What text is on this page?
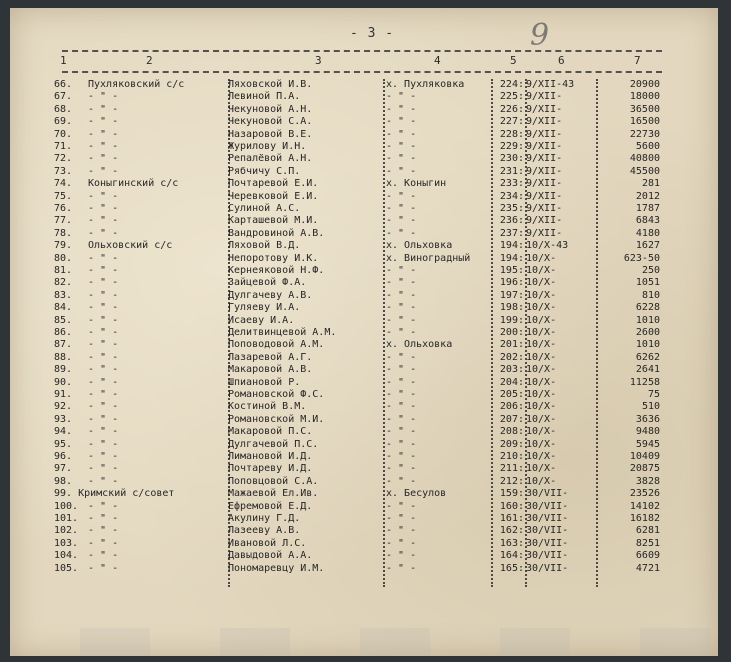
- 3 -	9
1	2	3	4	5	6	7
66.	Пухляковский с/с	Ляховской И.В.	х. Пухляковка	224: 9/XII-43	20900
67.	- " -	Левиной П.А.	- " -	225: 9/XII-	18000
68.	- " -	Чекуновой А.Н.	- " -	226: 9/XII-	36500
69.	- " -	Чекуновой С.А.	- " -	227: 9/XII-	16500
70.	- " -	Назаровой В.Е.	- " -	228: 9/XII-	22730
71.	- " -	Журилову И.Н.	- " -	229: 9/XII-	5600
72.	- " -	Репалёвой А.Н.	- " -	230: 9/XII-	40800
73.	- " -	Рябчичу С.П.	- " -	231: 9/XII-	45500
74.	Коныгинский с/с	Почтаревой Е.И.	х. Коныгин	233: 9/XII-	281
75.	- " -	Черевковой Е.И.	- " -	234: 9/XII-	2012
76.	- " -	Сулиной А.С.	- " -	235: 9/XII-	1787
77.	- " -	Карташевой М.И.	- " -	236: 9/XII-	6843
78.	- " -	Вандровиной А.В.	- " -	237: 9/XII-	4180
79.	Ольховский с/с	Ляховой В.Д.	х. Ольховка	194: 10/X-43	1627
80.	- " -	Непоротову И.К.	х. Виноградный	194: 10/X-	623-50
81.	- " -	Кернеяковой Н.Ф.	- " -	195: 10/X-	250
82.	- " -	Зайцевой Ф.А.	- " -	196: 10/X-	1051
83.	- " -	Дулгачеву А.В.	- " -	197: 10/X-	810
84.	- " -	Гуляеву И.А.	- " -	198: 10/X-	6228
85.	- " -	Исаеву И.А.	- " -	199: 10/X-	1010
86.	- " -	Делитвинцевой А.М.	- " -	200: 10/X-	2600
87.	- " -	Поповодовой А.М.	х. Ольховка	201: 10/X-	1010
88.	- " -	Лазаревой А.Г.	- " -	202: 10/X-	6262
89.	- " -	Макаровой А.В.	- " -	203: 10/X-	2641
90.	- " -	Шпиановой Р.	- " -	204: 10/X-	11258
91.	- " -	Романовской Ф.С.	- " -	205: 10/X-	75
92.	- " -	Костиной В.М.	- " -	206: 10/X-	510
93.	- " -	Романовской М.И.	- " -	207: 10/X-	3636
94.	- " -	Макаровой П.С.	- " -	208: 10/X-	9480
95.	- " -	Дулгачевой П.С.	- " -	209: 10/X-	5945
96.	- " -	Лимановой И.Д.	- " -	210: 10/X-	10409
97.	- " -	Почтареву И.Д.	- " -	211: 10/X-	20875
98.	- " -	Поповцовой С.А.	- " -	212: 10/X-	3828
99. Кримский с/совет	Мажаевой Ел.Ив.	х. Бесулов	159: 30/VII-	23526
100. - " -	Ефремовой Е.Д.	- " -	160: 30/VII-	14102
101. - " -	Акулину Г.Д.	- " -	161: 30/VII-	16182
102. - " -	Лазееву А.В.	- " -	162: 30/VII-	6281
103. - " -	Ивановой Л.С.	- " -	163: 30/VII-	8251
104. - " -	Давыдовой А.А.	- " -	164: 30/VII-	6609
105. - " -	Пономаревцу И.М.	- " -	165: 30/VII-	4721
